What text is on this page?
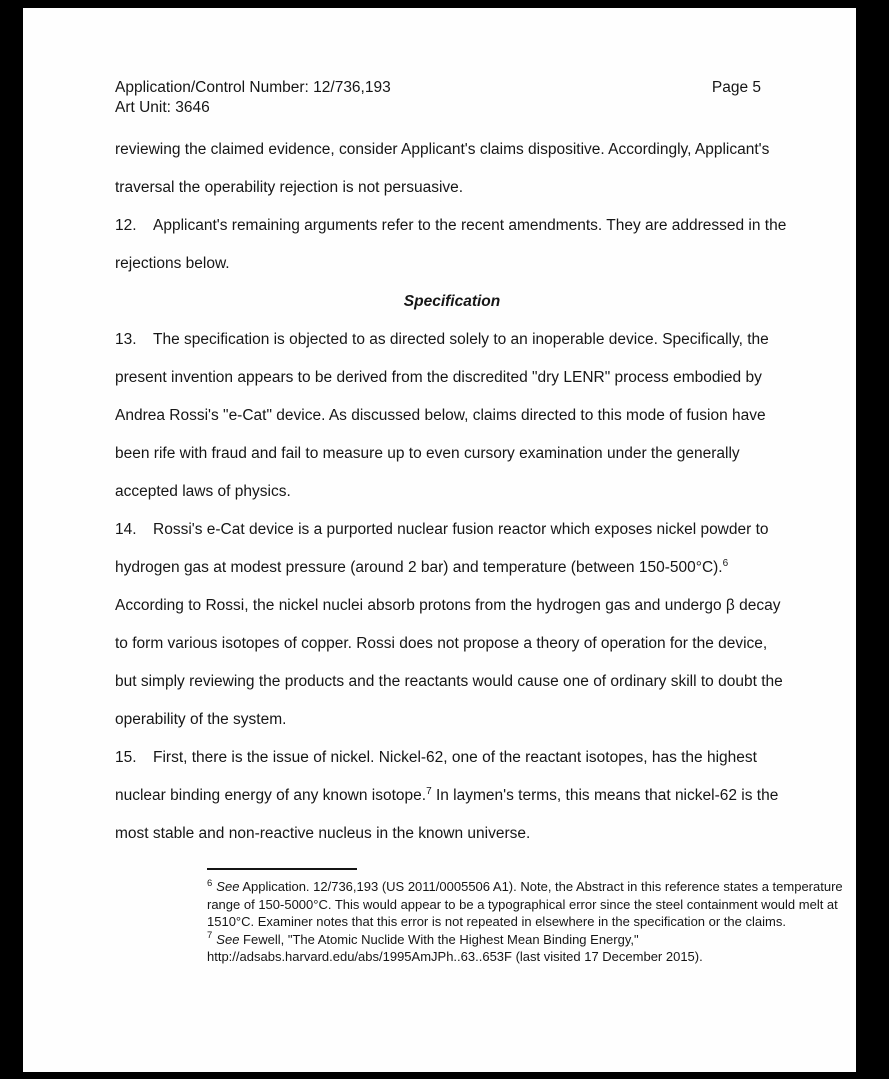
Application/Control Number: 12/736,193	Page 5
Art Unit: 3646

reviewing the claimed evidence, consider Applicant's claims dispositive. Accordingly, Applicant's traversal the operability rejection is not persuasive.

12. Applicant's remaining arguments refer to the recent amendments. They are addressed in the rejections below.

Specification

13. The specification is objected to as directed solely to an inoperable device. Specifically, the present invention appears to be derived from the discredited "dry LENR" process embodied by Andrea Rossi's "e-Cat" device. As discussed below, claims directed to this mode of fusion have been rife with fraud and fail to measure up to even cursory examination under the generally accepted laws of physics.

14. Rossi's e-Cat device is a purported nuclear fusion reactor which exposes nickel powder to hydrogen gas at modest pressure (around 2 bar) and temperature (between 150-500°C).$^6$ According to Rossi, the nickel nuclei absorb protons from the hydrogen gas and undergo β decay to form various isotopes of copper. Rossi does not propose a theory of operation for the device, but simply reviewing the products and the reactants would cause one of ordinary skill to doubt the operability of the system.

15. First, there is the issue of nickel. Nickel-62, one of the reactant isotopes, has the highest nuclear binding energy of any known isotope.$^7$ In laymen's terms, this means that nickel-62 is the most stable and non-reactive nucleus in the known universe.

$^6$ See Application. 12/736,193 (US 2011/0005506 A1). Note, the Abstract in this reference states a temperature range of 150-5000°C. This would appear to be a typographical error since the steel containment would melt at 1510°C. Examiner notes that this error is not repeated in elsewhere in the specification or the claims.

$^7$ See Fewell, "The Atomic Nuclide With the Highest Mean Binding Energy," http://adsabs.harvard.edu/abs/1995AmJPh..63..653F (last visited 17 December 2015).
